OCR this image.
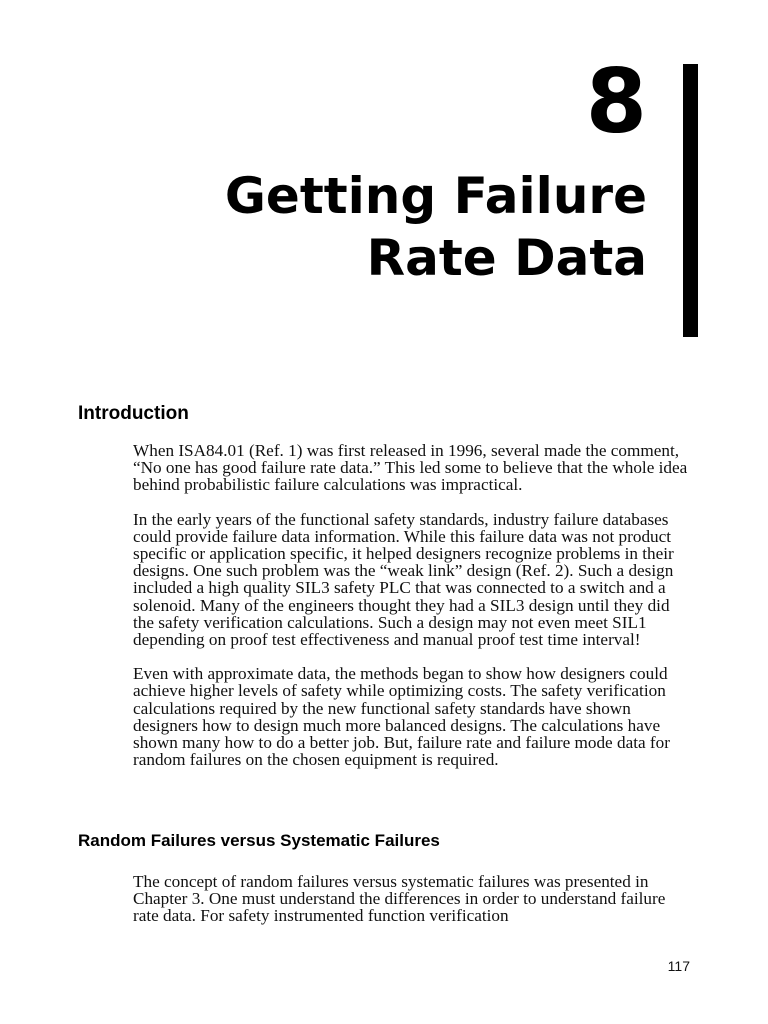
8
Getting Failure
Rate Data
Introduction

When ISA84.01 (Ref. 1) was first released in 1996, several made the comment, “No one has good failure rate data.” This led some to believe that the whole idea behind probabilistic failure calculations was impractical.

In the early years of the functional safety standards, industry failure databases could provide failure data information. While this failure data was not product specific or application specific, it helped designers recognize problems in their designs. One such problem was the “weak link” design (Ref. 2). Such a design included a high quality SIL3 safety PLC that was connected to a switch and a solenoid. Many of the engineers thought they had a SIL3 design until they did the safety verification calculations. Such a design may not even meet SIL1 depending on proof test effectiveness and manual proof test time interval!

Even with approximate data, the methods began to show how designers could achieve higher levels of safety while optimizing costs. The safety verification calculations required by the new functional safety standards have shown designers how to design much more balanced designs. The calculations have shown many how to do a better job. But, failure rate and failure mode data for random failures on the chosen equipment is required.

Random Failures versus Systematic Failures

The concept of random failures versus systematic failures was presented in Chapter 3. One must understand the differences in order to understand failure rate data. For safety instrumented function verification

117
